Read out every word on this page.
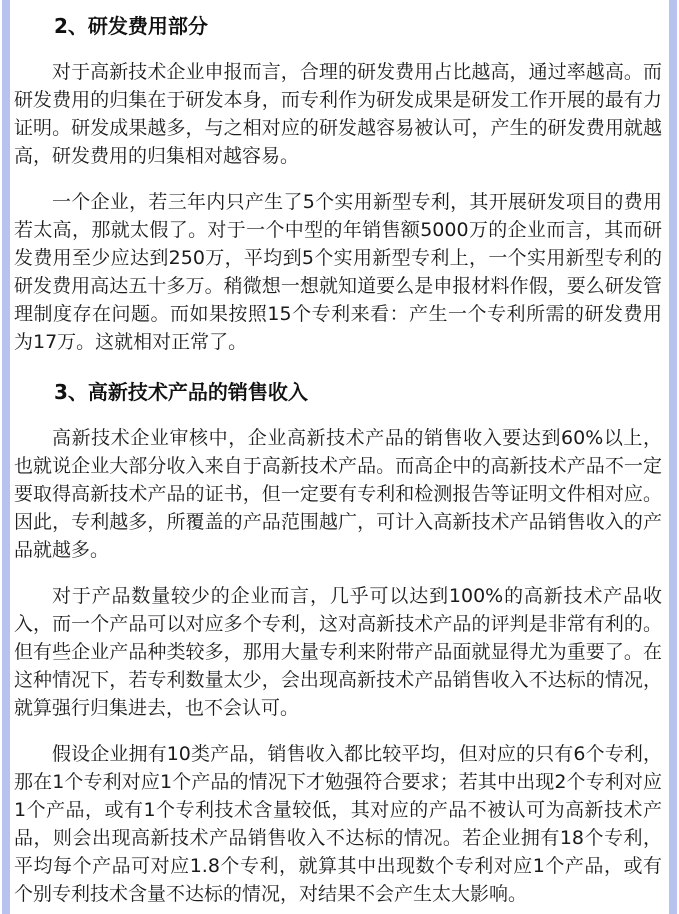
2、研发费用部分

对于高新技术企业申报而言，合理的研发费用占比越高，通过率越高。而研发费用的归集在于研发本身，而专利作为研发成果是研发工作开展的最有力证明。研发成果越多，与之相对应的研发越容易被认可，产生的研发费用就越高，研发费用的归集相对越容易。

一个企业，若三年内只产生了5个实用新型专利，其开展研发项目的费用若太高，那就太假了。对于一个中型的年销售额5000万的企业而言，其而研发费用至少应达到250万，平均到5个实用新型专利上，一个实用新型专利的研发费用高达五十多万。稍微想一想就知道要么是申报材料作假，要么研发管理制度存在问题。而如果按照15个专利来看：产生一个专利所需的研发费用为17万。这就相对正常了。

3、高新技术产品的销售收入

高新技术企业审核中，企业高新技术产品的销售收入要达到60%以上，也就说企业大部分收入来自于高新技术产品。而高企中的高新技术产品不一定要取得高新技术产品的证书，但一定要有专利和检测报告等证明文件相对应。因此，专利越多，所覆盖的产品范围越广，可计入高新技术产品销售收入的产品就越多。

对于产品数量较少的企业而言，几乎可以达到100%的高新技术产品收入，而一个产品可以对应多个专利，这对高新技术产品的评判是非常有利的。但有些企业产品种类较多，那用大量专利来附带产品面就显得尤为重要了。在这种情况下，若专利数量太少，会出现高新技术产品销售收入不达标的情况，就算强行归集进去，也不会认可。

假设企业拥有10类产品，销售收入都比较平均，但对应的只有6个专利，那在1个专利对应1个产品的情况下才勉强符合要求；若其中出现2个专利对应1个产品，或有1个专利技术含量较低，其对应的产品不被认可为高新技术产品，则会出现高新技术产品销售收入不达标的情况。若企业拥有18个专利，平均每个产品可对应1.8个专利，就算其中出现数个专利对应1个产品，或有个别专利技术含量不达标的情况，对结果不会产生太大影响。
